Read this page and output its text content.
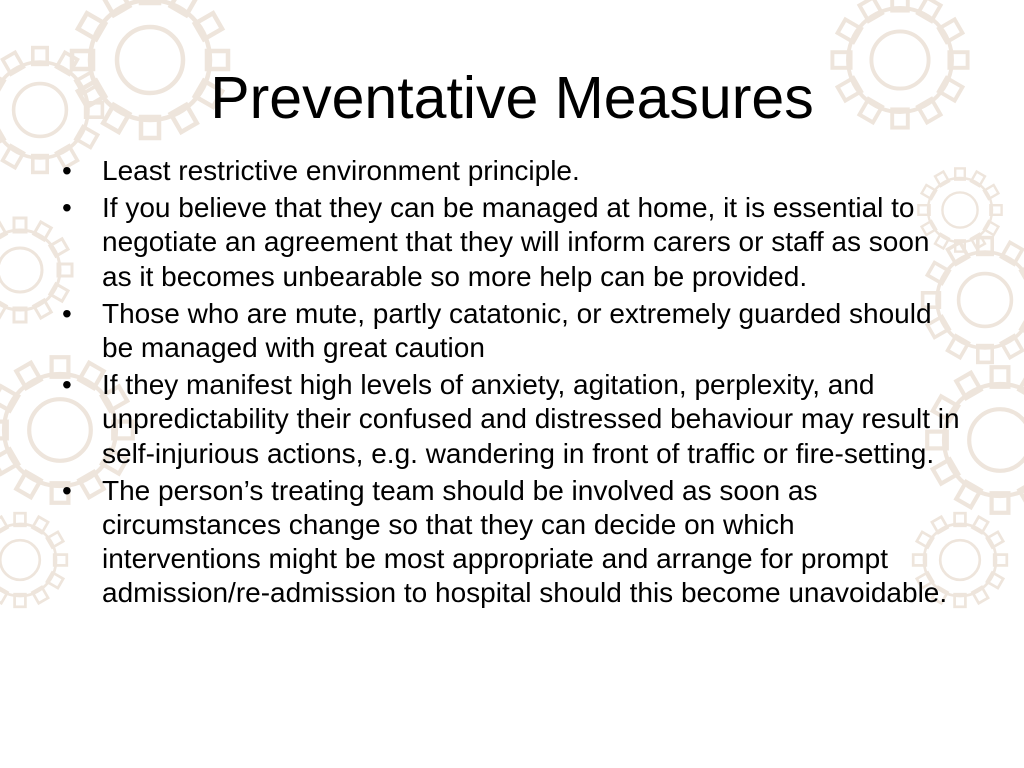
Preventative Measures
•	Least restrictive environment principle.
•	If you believe that they can be managed at home, it is essential to negotiate an agreement that they will inform carers or staff as soon as it becomes unbearable so more help can be provided.
•	Those who are mute, partly catatonic, or extremely guarded should be managed with great caution
•	If they manifest high levels of anxiety, agitation, perplexity, and unpredictability their confused and distressed behaviour may result in self-injurious actions, e.g. wandering in front of traffic or fire-setting.
•	The person’s treating team should be involved as soon as circumstances change so that they can decide on which interventions might be most appropriate and arrange for prompt admission/re-admission to hospital should this become unavoidable.
